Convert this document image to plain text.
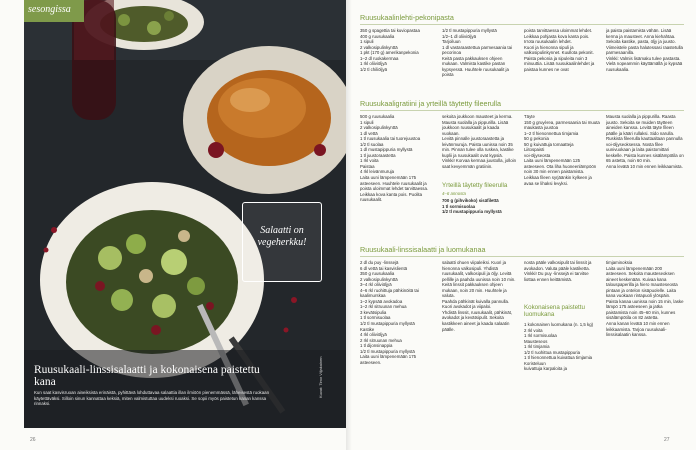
sesongissa
Salaatti on vegeherkku!
Ruusukaali-linssisalaatti ja kokonaisena paistettu kana
Kun saat kasvisruoan aineiksista erinäistä, pyhittävä lohduttavaa salaattia illan ilmiöön pienemmässä, läheisestä ruokaan käytettäväksi. Silloin sinun kannattaa keksiä, miten valmistuttaa uudeksi ruoaksi. Se sopii myös paistetun kanan kanssa rinnaksi.
Kuvat: Timo Viljakainen
26	27
Ruusukaalinlehti-pekonipasta
350 g spagettia tai kuviopastaa
400 g ruusukaalia
1 sipuli
2 valkosipulinkynttä
1 pkt (170 g) amerikanpekonia
1–2 dl ruokakermaa
1 rkl oliiviöljyä
1/2 tl chiliöljyä
1/2 tl mustapippuria myllystä
1/2–1 dl oliiviöljyä
Tarjoiluun
1 dl vastaraastettua parmesaania tai pecorinoa
Keitä pasta pakkauksen ohjeen mukaan. Valmista kastike pastan kypsyessä. Huuhtele ruusukaalit ja poista
poista tarvittaessa uloimmat lehdet. Leikkaa pohjasta kova kanta pois. Irrota ruusukaalin lehdet.
Kuori ja hienonna sipuli ja valkosipulinkynnet. Kuullota pekonit.
Paista pekonia ja sipuleita noin 3 minuuttia. Lisää ruusukaalinlehdet ja paistaa kunnes ne ovat
ja paista paistamista vähän. Lisää kerma ja mausteet. Anna kiehahtaa. Sekoita kastike, pasta, öljy ja juusto.
Viimeistele pasta halutessasi raastetulla parmesaanilla.
Vinkki: Valmis lisämaku tulee pastasta. Vielä nopeammin käyttämällä jo kypsää ruusukaalia.
Ruusukaaligratiini ja yrteillä täytetty fileerulla
500 g ruusukaalia
1 sipuli
2 valkosipulinkynttä
1 dl vettä
1 tl ruusukaalia tai tuorejuustoa
1/2 tl suolaa
1 dl mustapippuria myllystä
1 tl juustoraastetta
1 rkl voita
Paistaa
4 rkl leivänmuruja
Laita uuni lämpenemään 175 asteeseen. Huuhtele ruusukaalit ja poista uloimmat lehdet tarvittaessa. Leikkaa kova kanta pois. Puolita ruusukaalit.
sekoita joukkoon mausteet ja kerma. Mausta suolalla ja pippurilla. Lisää joukkoon ruusukaalit ja kaada vuokaan.
Levitä pinnalle juustoraastetta ja leivänmuruja. Paista uunissa noin 35 min. Pinnan tulee olla ruskea, kastike kuplii ja ruusukaalit ovat kypsiä.
Vinkki! Korvaa kermaa juustolla, jolloin saat kevyemmän gratiinin.
Yrteillä täytetty fileerulla
4–6 annosta
700 g (pihvikoko) sisäfilettä
1 tl sormisuolaa
1/2 tl mustapippuria myllystä
Täyte
150 g gruyèrea, parmesaania tai muuta maukasta juustoa
1–2 tl hienonnettua timjamia
50 g pekonia
50 g kuivattuja tomaatteja
Liitospaisti
voi-öljyseosta
Laita uuni lämpenemään 125 asteeseen. Ota liha huoneenlämpöön noin 30 min ennen paistamista. Leikkaa fileen syrjäänkin kylkeen ja avaa se lihaksi levyksi.
Mausta suolalla ja pippurilla. Raasta juusto. Sekoita se muiden täytteen aineiden kanssa. Levitä täyte fileen päälle ja kääri rullaksi. Sido narulla.
Ruskista fileerulla kauttaaltaan pannulla voi-öljyseoksessa. Nosta filee uunivuokaan ja laita paistomittari keskelle. Paista kunnes sisälämpötila on 65 astetta, noin 60 min.
Anna levätä 10 min ennen leikkaamista.
Ruusukaali-linssisalaatti ja luomukanaa
2 dl du puy -linssejä
6 dl vettä tai kasvislientä
350 g ruusukaalia
2 valkosipulinkynttä
3–4 rkl oliiviöljyä
4–6 rkl ruohittuja pähkinöitä tai kaalimurskaa
1–2 kypsää avokadoa
1–2 rkl sitruunan mehua
3 kevätsipulia
1 tl sormisuolaa
1/2 tl mustapippuria myllystä
Kastike
4 rkl oliiviöljyä
2 rkl sitruunan mehua
1 tl dijonsinappia
1/2 tl mustapippuria myllystä
Laita uuni lämpenemään 175 asteeseen.
salaatti ohuen viipaleiksi. Kuori ja hienonna valkosipuli. Yhdistä ruusukaalit, valkosipuli ja öljy. Levitä pellille ja paahda uunissa noin 10 min.
Keitä linssit pakkauksen ohjeen mukaan, noin 20 min. Huuhtele ja valuta.
Paahda pähkinät kuivalla pannulla. Kuori avokadot ja viipaloi.
Yhdistä linssit, ruusukaalit, pähkinät, avokadot ja kevätsipulit. Sekoita kastikkeen aineet ja kaada salaatin päälle.
nosta pääle valkosipulit tai linssit ja avokadon. Valuta pääle kastiketta.
Vinkki! Du puy -linssejä ei tarvitse liottaa ennen keittämistä.
Kokonaisena paistettu luomukana
1 kokonainen luomukana (n. 1,5 kg)
2 rkl voita
1 rkl sormisuolaa
Mausteseos
1 rkl timjamia
1/2 tl ruohittua mustapippuria
1 tl hienonnettua kuivattua timjamia
Koristeluun
kuivattuja karpaloita ja
timjaminoksia
Laita uuni lämpenemään 200 asteeseen. Sekoita mausteseoksen aineet keskenään. Kuivaa kana talouspaperilla ja hiero mausteseosta pintaan ja ontelon sisäpuolelle. Laita kana vuokaan rintapuoli ylöspäin.
Paista kanaa uunissa noin 15 min, laske lämpö 175 asteeseen ja jatka paistamista noin 45–60 min, kunnes sisälämpötila on 82 astetta.
Anna kanan levätä 10 min ennen leikkaamista. Tarjoa ruusukaali-linssisalaatin kanssa.
